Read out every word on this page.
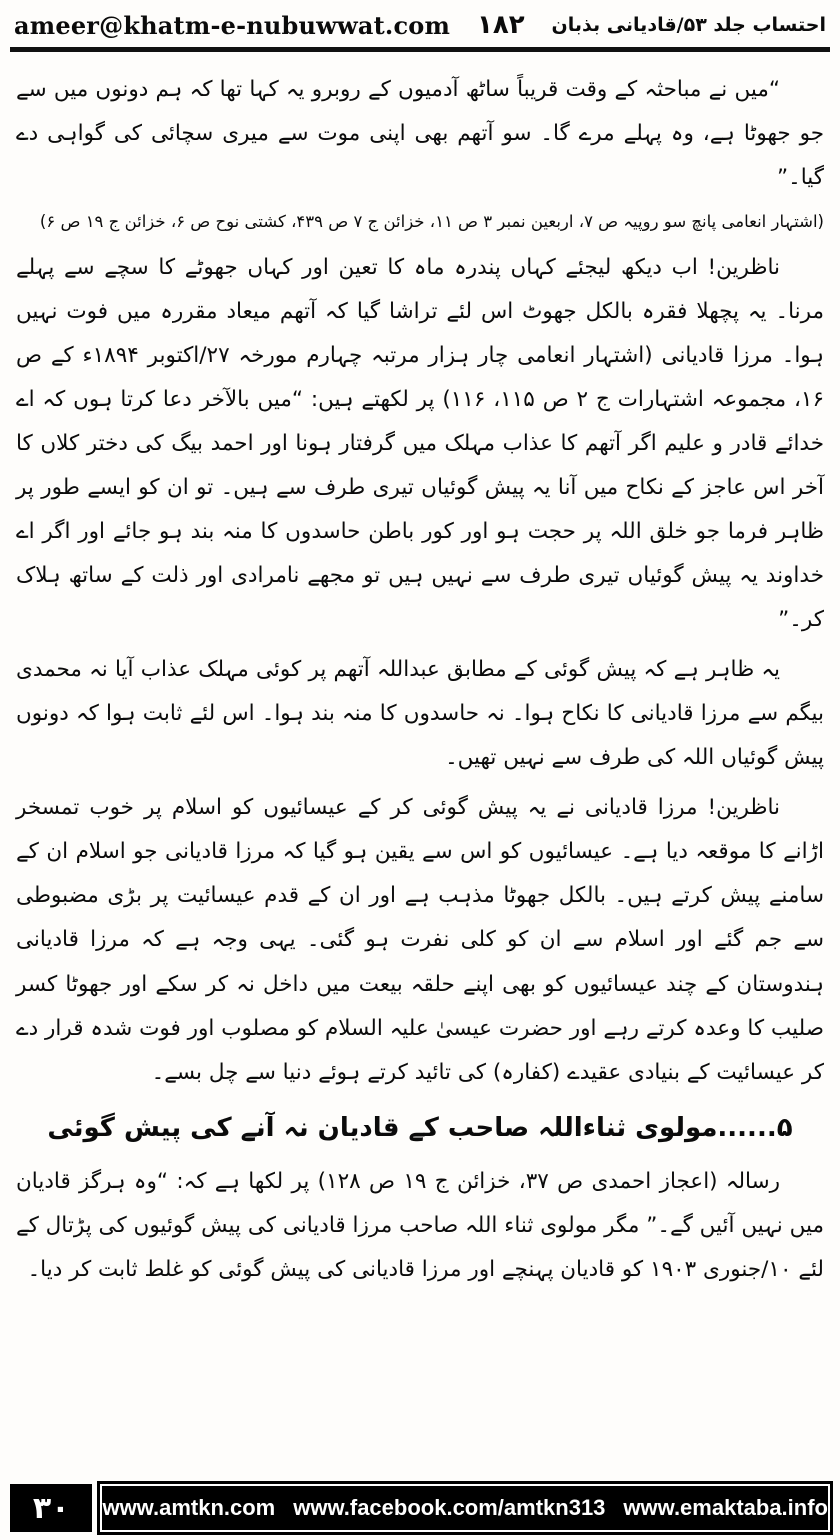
ameer@khatm-e-nubuwwat.com ۱۸۲ احتساب جلد ۵۳/قادیانی بذبان

“میں نے مباحثہ کے وقت قریباً ساٹھ آدمیوں کے روبرو یہ کہا تھا کہ ہم دونوں میں سے جو جھوٹا ہے، وہ پہلے مرے گا۔ سو آتھم بھی اپنی موت سے میری سچائی کی گواہی دے گیا۔”

(اشتہار انعامی پانچ سو روپیہ ص ۷، اربعین نمبر ۳ ص ۱۱، خزائن ج ۷ ص ۴۳۹، کشتی نوح ص ۶، خزائن ج ۱۹ ص ۶)

ناظرین! اب دیکھ لیجئے کہاں پندرہ ماہ کا تعین اور کہاں جھوٹے کا سچے سے پہلے مرنا۔ یہ پچھلا فقرہ بالکل جھوٹ اس لئے تراشا گیا کہ آتھم میعاد مقررہ میں فوت نہیں ہوا۔ مرزا قادیانی (اشتہار انعامی چار ہزار مرتبہ چہارم مورخہ ۲۷/اکتوبر ۱۸۹۴ء کے ص ۱۶، مجموعہ اشتہارات ج ۲ ص ۱۱۵، ۱۱۶) پر لکھتے ہیں: “میں بالآخر دعا کرتا ہوں کہ اے خدائے قادر و علیم اگر آتھم کا عذاب مہلک میں گرفتار ہونا اور احمد بیگ کی دختر کلاں کا آخر اس عاجز کے نکاح میں آنا یہ پیش گوئیاں تیری طرف سے ہیں۔ تو ان کو ایسے طور پر ظاہر فرما جو خلق اللہ پر حجت ہو اور کور باطن حاسدوں کا منہ بند ہو جائے اور اگر اے خداوند یہ پیش گوئیاں تیری طرف سے نہیں ہیں تو مجھے نامرادی اور ذلت کے ساتھ ہلاک کر۔”

یہ ظاہر ہے کہ پیش گوئی کے مطابق عبداللہ آتھم پر کوئی مہلک عذاب آیا نہ محمدی بیگم سے مرزا قادیانی کا نکاح ہوا۔ نہ حاسدوں کا منہ بند ہوا۔ اس لئے ثابت ہوا کہ دونوں پیش گوئیاں اللہ کی طرف سے نہیں تھیں۔

ناظرین! مرزا قادیانی نے یہ پیش گوئی کر کے عیسائیوں کو اسلام پر خوب تمسخر اڑانے کا موقعہ دیا ہے۔ عیسائیوں کو اس سے یقین ہو گیا کہ مرزا قادیانی جو اسلام ان کے سامنے پیش کرتے ہیں۔ بالکل جھوٹا مذہب ہے اور ان کے قدم عیسائیت پر بڑی مضبوطی سے جم گئے اور اسلام سے ان کو کلی نفرت ہو گئی۔ یہی وجہ ہے کہ مرزا قادیانی ہندوستان کے چند عیسائیوں کو بھی اپنے حلقہ بیعت میں داخل نہ کر سکے اور جھوٹا کسر صلیب کا وعدہ کرتے رہے اور حضرت عیسیٰ علیہ السلام کو مصلوب اور فوت شدہ قرار دے کر عیسائیت کے بنیادی عقیدے (کفارہ) کی تائید کرتے ہوئے دنیا سے چل بسے۔

۵......مولوی ثناءاللہ صاحب کے قادیان نہ آنے کی پیش گوئی

رسالہ (اعجاز احمدی ص ۳۷، خزائن ج ۱۹ ص ۱۲۸) پر لکھا ہے کہ: “وہ ہرگز قادیان میں نہیں آئیں گے۔” مگر مولوی ثناء اللہ صاحب مرزا قادیانی کی پیش گوئیوں کی پڑتال کے لئے ۱۰/جنوری ۱۹۰۳ کو قادیان پہنچے اور مرزا قادیانی کی پیش گوئی کو غلط ثابت کر دیا۔

۳۰	www.amtkn.com www.facebook.com/amtkn313 www.emaktaba.info
